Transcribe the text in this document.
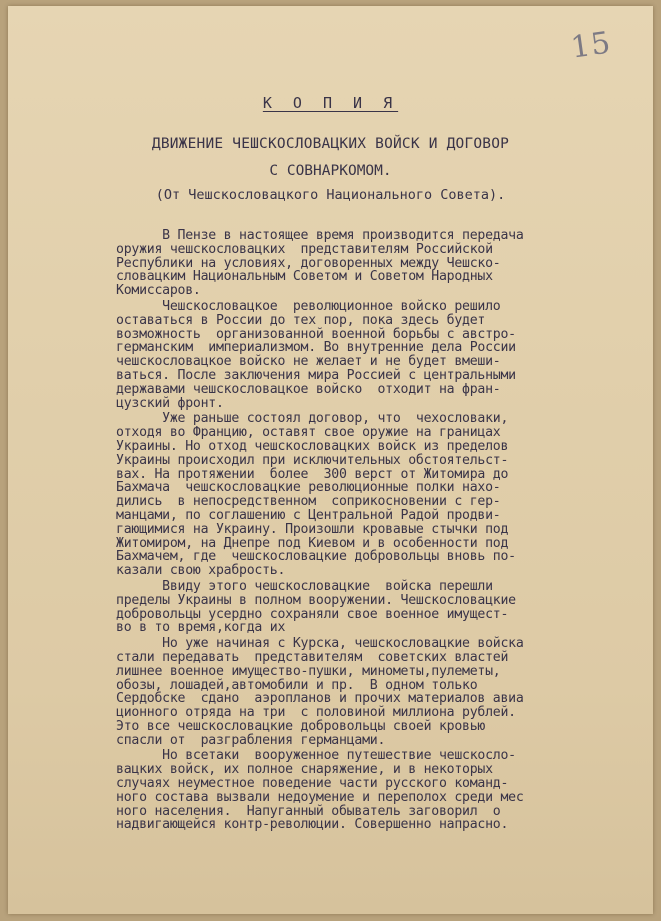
15
К О П И Я
ДВИЖЕНИЕ ЧЕШСКОСЛОВАЦКИХ ВОЙСК И ДОГОВОР
С СОВНАРКОМОМ.
(От Чешскословацкого Национального Совета).
В Пензе в настоящее время производится передача
оружия чешскословацких  представителям Российской
Республики на условиях, договоренных между Чешско-
словацким Национальным Советом и Советом Народных
Комиссаров.
Чешскословацкое  революционное войско решило
оставаться в России до тех пор, пока здесь будет
возможность  организованной военной борьбы с австро-
германским  империализмом. Во внутренние дела России
чешскословацкое войско не желает и не будет вмеши-
ваться. После заключения мира Россией с центральными
державами чешскословацкое войско  отходит на фран-
цузский фронт.
Уже раньше состоял договор, что  чехословаки,
отходя во Францию, оставят свое оружие на границах
Украины. Но отход чешскословацких войск из пределов
Украины происходил при исключительных обстоятельст-
вах. На протяжении  более  300 верст от Житомира до
Бахмача  чешскословацкие революционные полки нахо-
дились  в непосредственном  соприкосновении с гер-
манцами, по соглашению с Центральной Радой продви-
гающимися на Украину. Произошли кровавые стычки под
Житомиром, на Днепре под Киевом и в особенности под
Бахмачем, где  чешскословацкие добровольцы вновь по-
казали свою храбрость.
Ввиду этого чешскословацкие  войска перешли
пределы Украины в полном вооружении. Чешскословацкие
добровольцы усердно сохраняли свое военное имущест-
во в то время,когда их
Но уже начиная с Курска, чешскословацкие войска
стали передавать  представителям  советских властей
лишнее военное имущество-пушки, минометы,пулеметы,
обозы, лошадей,автомобили и пр.  В одном только
Сердобске  сдано  аэропланов и прочих материалов авиа
ционного отряда на три  с половиной миллиона рублей.
Это все чешскословацкие добровольцы своей кровью
спасли от  разграбления германцами.
Но всетаки  вооруженное путешествие чешскосло-
вацких войск, их полное снаряжение, и в некоторых
случаях неуместное поведение части русского команд-
ного состава вызвали недоумение и переполох среди мес
ного населения.  Напуганный обыватель заговорил  о
надвигающейся контр-революции. Совершенно напрасно.
